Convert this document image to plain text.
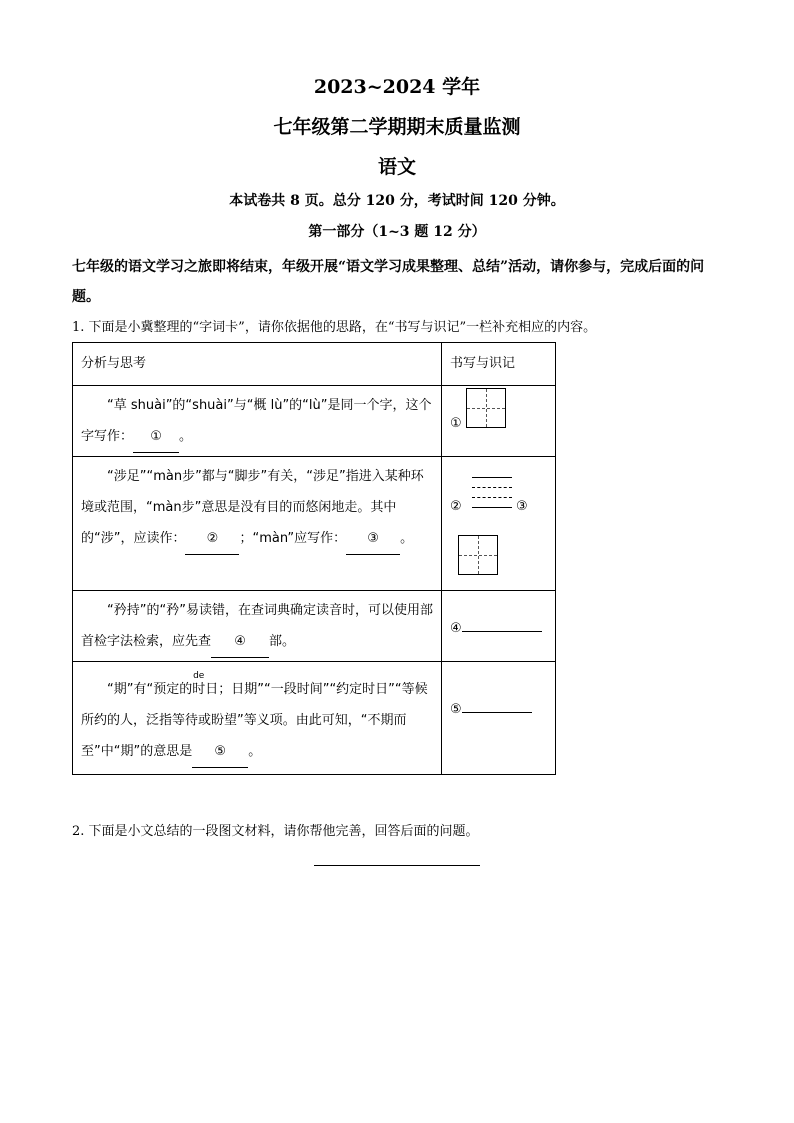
2023~2024 学年
七年级第二学期期末质量监测
语文
本试卷共 8 页。总分 120 分，考试时间 120 分钟。
第一部分（1~3 题 12 分）
七年级的语文学习之旅即将结束，年级开展“语文学习成果整理、总结”活动，请你参与，完成后面的问题。
1. 下面是小冀整理的“字词卡”，请你依据他的思路，在“书写与识记”一栏补充相应的内容。
分析与思考	书写与识记

“草 shuài”的“shuài”与“概 lù”的“lù”是同一个字，这个字写作： ① 。	①

“涉足”“màn步”都与“脚步”有关，“涉足”指进入某种环境或范围，“màn步”意思是没有目的而悠闲地走。其中的“涉”，应读作： ② ；“màn”应写作： ③ 。	② ③

“矜持”的“矜”易读错，在查词典确定读音时，可以使用部首检字法检索，应先查 ④ 部。	④

“期”有“预定的
de
时日；日期”“一段时间”“约定时日”“等候所约的人，泛指等待或盼望”等义项。由此可知，“不期而至”中“期”的意思是 ⑤ 。	⑤
2. 下面是小文总结的一段图文材料，请你帮他完善，回答后面的问题。
